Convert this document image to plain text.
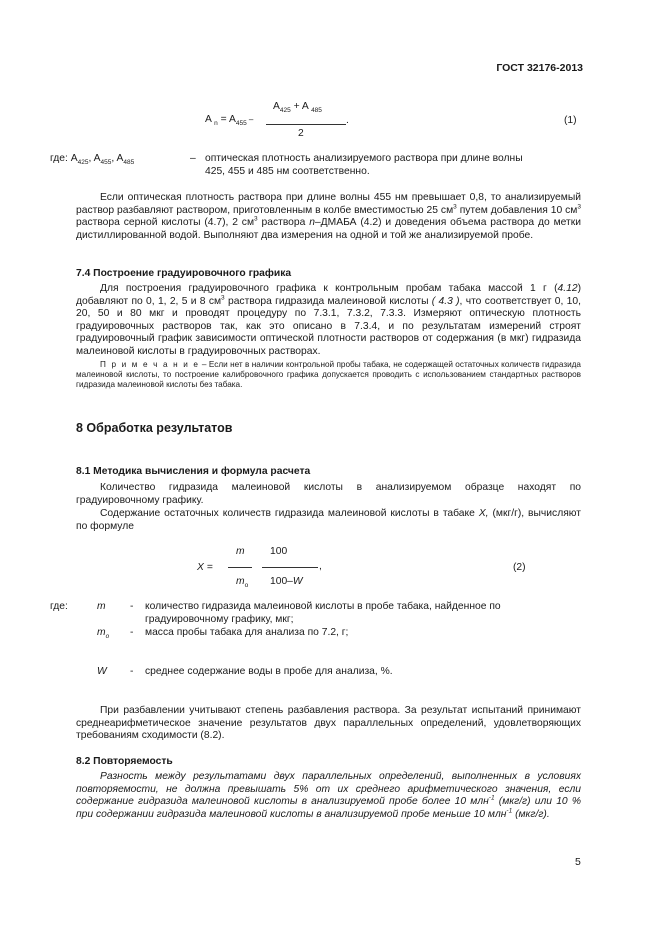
ГОСТ 32176-2013
$A_{425} + A$ $_{485}$
A $_n = A_{455}$ –	.
2
(1)
где: $A_{425}$, $A_{455}$, $A_{485}$	– оптическая плотность анализируемого раствора при длине волны
425, 455 и 485 нм соответственно.
Если оптическая плотность раствора при длине волны 455 нм превышает 0,8, то анализируемый раствор разбавляют раствором, приготовленным в колбе вместимостью 25 $см^3$ путем добавления 10 $см^3$ раствора серной кислоты (4.7), 2 $см^3$ раствора n–ДМАБА (4.2) и доведения объема раствора до метки дистиллированной водой. Выполняют два измерения на одной и той же анализируемой пробе.
7.4 Построение градуировочного графика
Для построения градуировочного графика к контрольным пробам табака массой 1 г (4.12) добавляют по 0, 1, 2, 5 и 8 $см^3$ раствора гидразида малеиновой кислоты ( 4.3 ), что соответствует 0, 10, 20, 50 и 80 мкг и проводят процедуру по 7.3.1, 7.3.2, 7.3.3. Измеряют оптическую плотность градуировочных растворов так, как это описано в 7.3.4, и по результатам измерений строят градуировочный график зависимости оптической плотности растворов от содержания (в мкг) гидразида малеиновой кислоты в градуировочных растворах.
П р и м е ч а н и е – Если нет в наличии контрольной пробы табака, не содержащей остаточных количеств гидразида малеиновой кислоты, то построение калибровочного графика допускается проводить с использованием стандартных растворов гидразида малеиновой кислоты без табака.
8 Обработка результатов
8.1 Методика вычисления и формула расчета
Количество гидразида малеиновой кислоты в анализируемом образце находят по градуировочному графику.
Содержание остаточных количеств гидразида малеиновой кислоты в табаке X, (мкг/г), вычисляют по формуле
m 100
X =	,
$m_o$ 100–W
(2)
где:	m - количество гидразида малеиновой кислоты в пробе табака, найденное по
градуировочному графику, мкг;
$m_o$ - масса пробы табака для анализа по 7.2, г;
W - среднее содержание воды в пробе для анализа, %.
При разбавлении учитывают степень разбавления раствора. За результат испытаний принимают среднеарифметическое значение результатов двух параллельных определений, удовлетворяющих требованиям сходимости (8.2).
8.2 Повторяемость
Разность между результатами двух параллельных определений, выполненных в условиях повторяемости, не должна превышать 5% от их среднего арифметического значения, если содержание гидразида малеиновой кислоты в анализируемой пробе более 10 млн$^{-1}$ (мкг/г) или 10 % при содержании гидразида малеиновой кислоты в анализируемой пробе меньше 10 млн$^{-1}$ (мкг/г).
5
